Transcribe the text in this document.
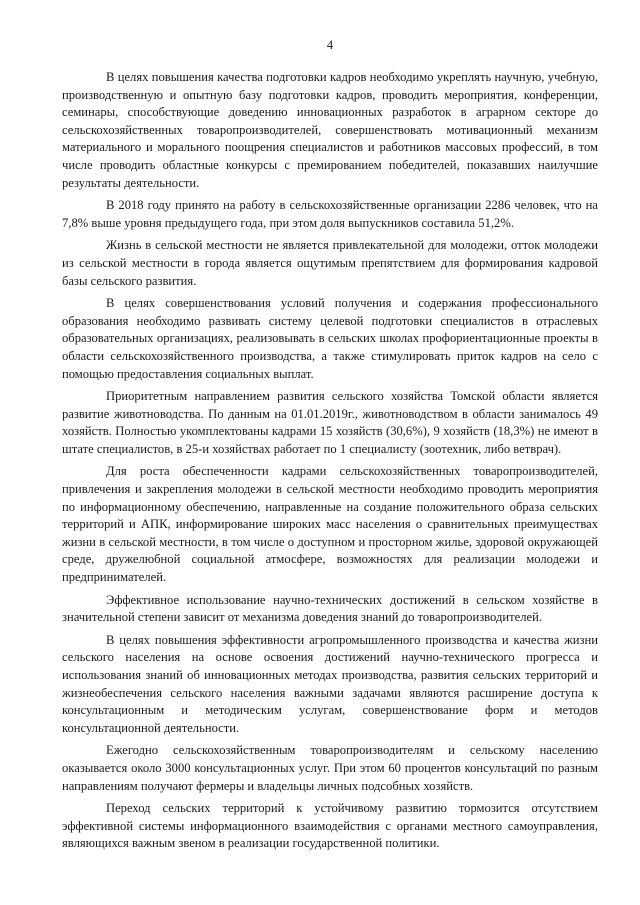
4

В целях повышения качества подготовки кадров необходимо укреплять научную, учебную, производственную и опытную базу подготовки кадров, проводить мероприятия, конференции, семинары, способствующие доведению инновационных разработок в аграрном секторе до сельскохозяйственных товаропроизводителей, совершенствовать мотивационный механизм материального и морального поощрения специалистов и работников массовых профессий, в том числе проводить областные конкурсы с премированием победителей, показавших наилучшие результаты деятельности.

В 2018 году принято на работу в сельскохозяйственные организации 2286 человек, что на 7,8% выше уровня предыдущего года, при этом доля выпускников составила 51,2%.

Жизнь в сельской местности не является привлекательной для молодежи, отток молодежи из сельской местности в города является ощутимым препятствием для формирования кадровой базы сельского развития.

В целях совершенствования условий получения и содержания профессионального образования необходимо развивать систему целевой подготовки специалистов в отраслевых образовательных организациях, реализовывать в сельских школах профориентационные проекты в области сельскохозяйственного производства, а также стимулировать приток кадров на село с помощью предоставления социальных выплат.

Приоритетным направлением развития сельского хозяйства Томской области является развитие животноводства. По данным на 01.01.2019г., животноводством в области занималось 49 хозяйств. Полностью укомплектованы кадрами 15 хозяйств (30,6%), 9 хозяйств (18,3%) не имеют в штате специалистов, в 25-и хозяйствах работает по 1 специалисту (зоотехник, либо ветврач).

Для роста обеспеченности кадрами сельскохозяйственных товаропроизводителей, привлечения и закрепления молодежи в сельской местности необходимо проводить мероприятия по информационному обеспечению, направленные на создание положительного образа сельских территорий и АПК, информирование широких масс населения о сравнительных преимуществах жизни в сельской местности, в том числе о доступном и просторном жилье, здоровой окружающей среде, дружелюбной социальной атмосфере, возможностях для реализации молодежи и предпринимателей.

Эффективное использование научно-технических достижений в сельском хозяйстве в значительной степени зависит от механизма доведения знаний до товаропроизводителей.

В целях повышения эффективности агропромышленного производства и качества жизни сельского населения на основе освоения достижений научно-технического прогресса и использования знаний об инновационных методах производства, развития сельских территорий и жизнеобеспечения сельского населения важными задачами являются расширение доступа к консультационным и методическим услугам, совершенствование форм и методов консультационной деятельности.

Ежегодно сельскохозяйственным товаропроизводителям и сельскому населению оказывается около 3000 консультационных услуг. При этом 60 процентов консультаций по разным направлениям получают фермеры и владельцы личных подсобных хозяйств.

Переход сельских территорий к устойчивому развитию тормозится отсутствием эффективной системы информационного взаимодействия с органами местного самоуправления, являющихся важным звеном в реализации государственной политики.
